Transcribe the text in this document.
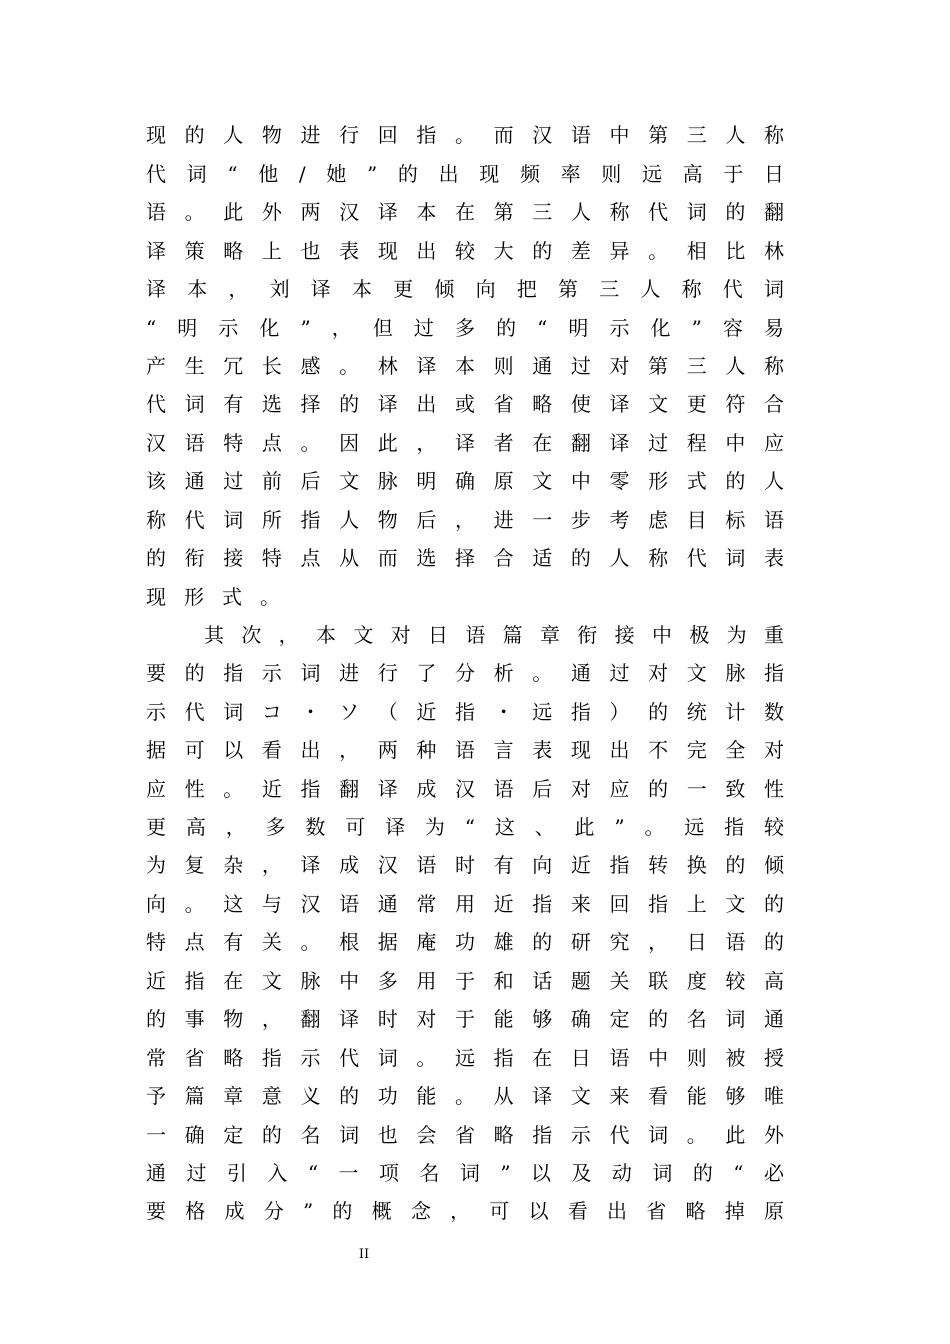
现的人物进行回指。而汉语中第三人称
代词“他/她”的出现频率则远高于日
语。此外两汉译本在第三人称代词的翻
译策略上也表现出较大的差异。相比林
译本，刘译本更倾向把第三人称代词
“明示化”，但过多的“明示化”容易
产生冗长感。林译本则通过对第三人称
代词有选择的译出或省略使译文更符合
汉语特点。因此，译者在翻译过程中应
该通过前后文脉明确原文中零形式的人
称代词所指人物后，进一步考虑目标语
的衔接特点从而选择合适的人称代词表
现形式。
其次，本文对日语篇章衔接中极为重
要的指示词进行了分析。通过对文脉指
示代词コ・ソ（近指・远指）的统计数
据可以看出，两种语言表现出不完全对
应性。近指翻译成汉语后对应的一致性
更高，多数可译为“这、此”。远指较
为复杂，译成汉语时有向近指转换的倾
向。这与汉语通常用近指来回指上文的
特点有关。根据庵功雄的研究，日语的
近指在文脉中多用于和话题关联度较高
的事物，翻译时对于能够确定的名词通
常省略指示代词。远指在日语中则被授
予篇章意义的功能。从译文来看能够唯
一确定的名词也会省略指示代词。此外
通过引入“一项名词”以及动词的“必
要格成分”的概念，可以看出省略掉原
II
